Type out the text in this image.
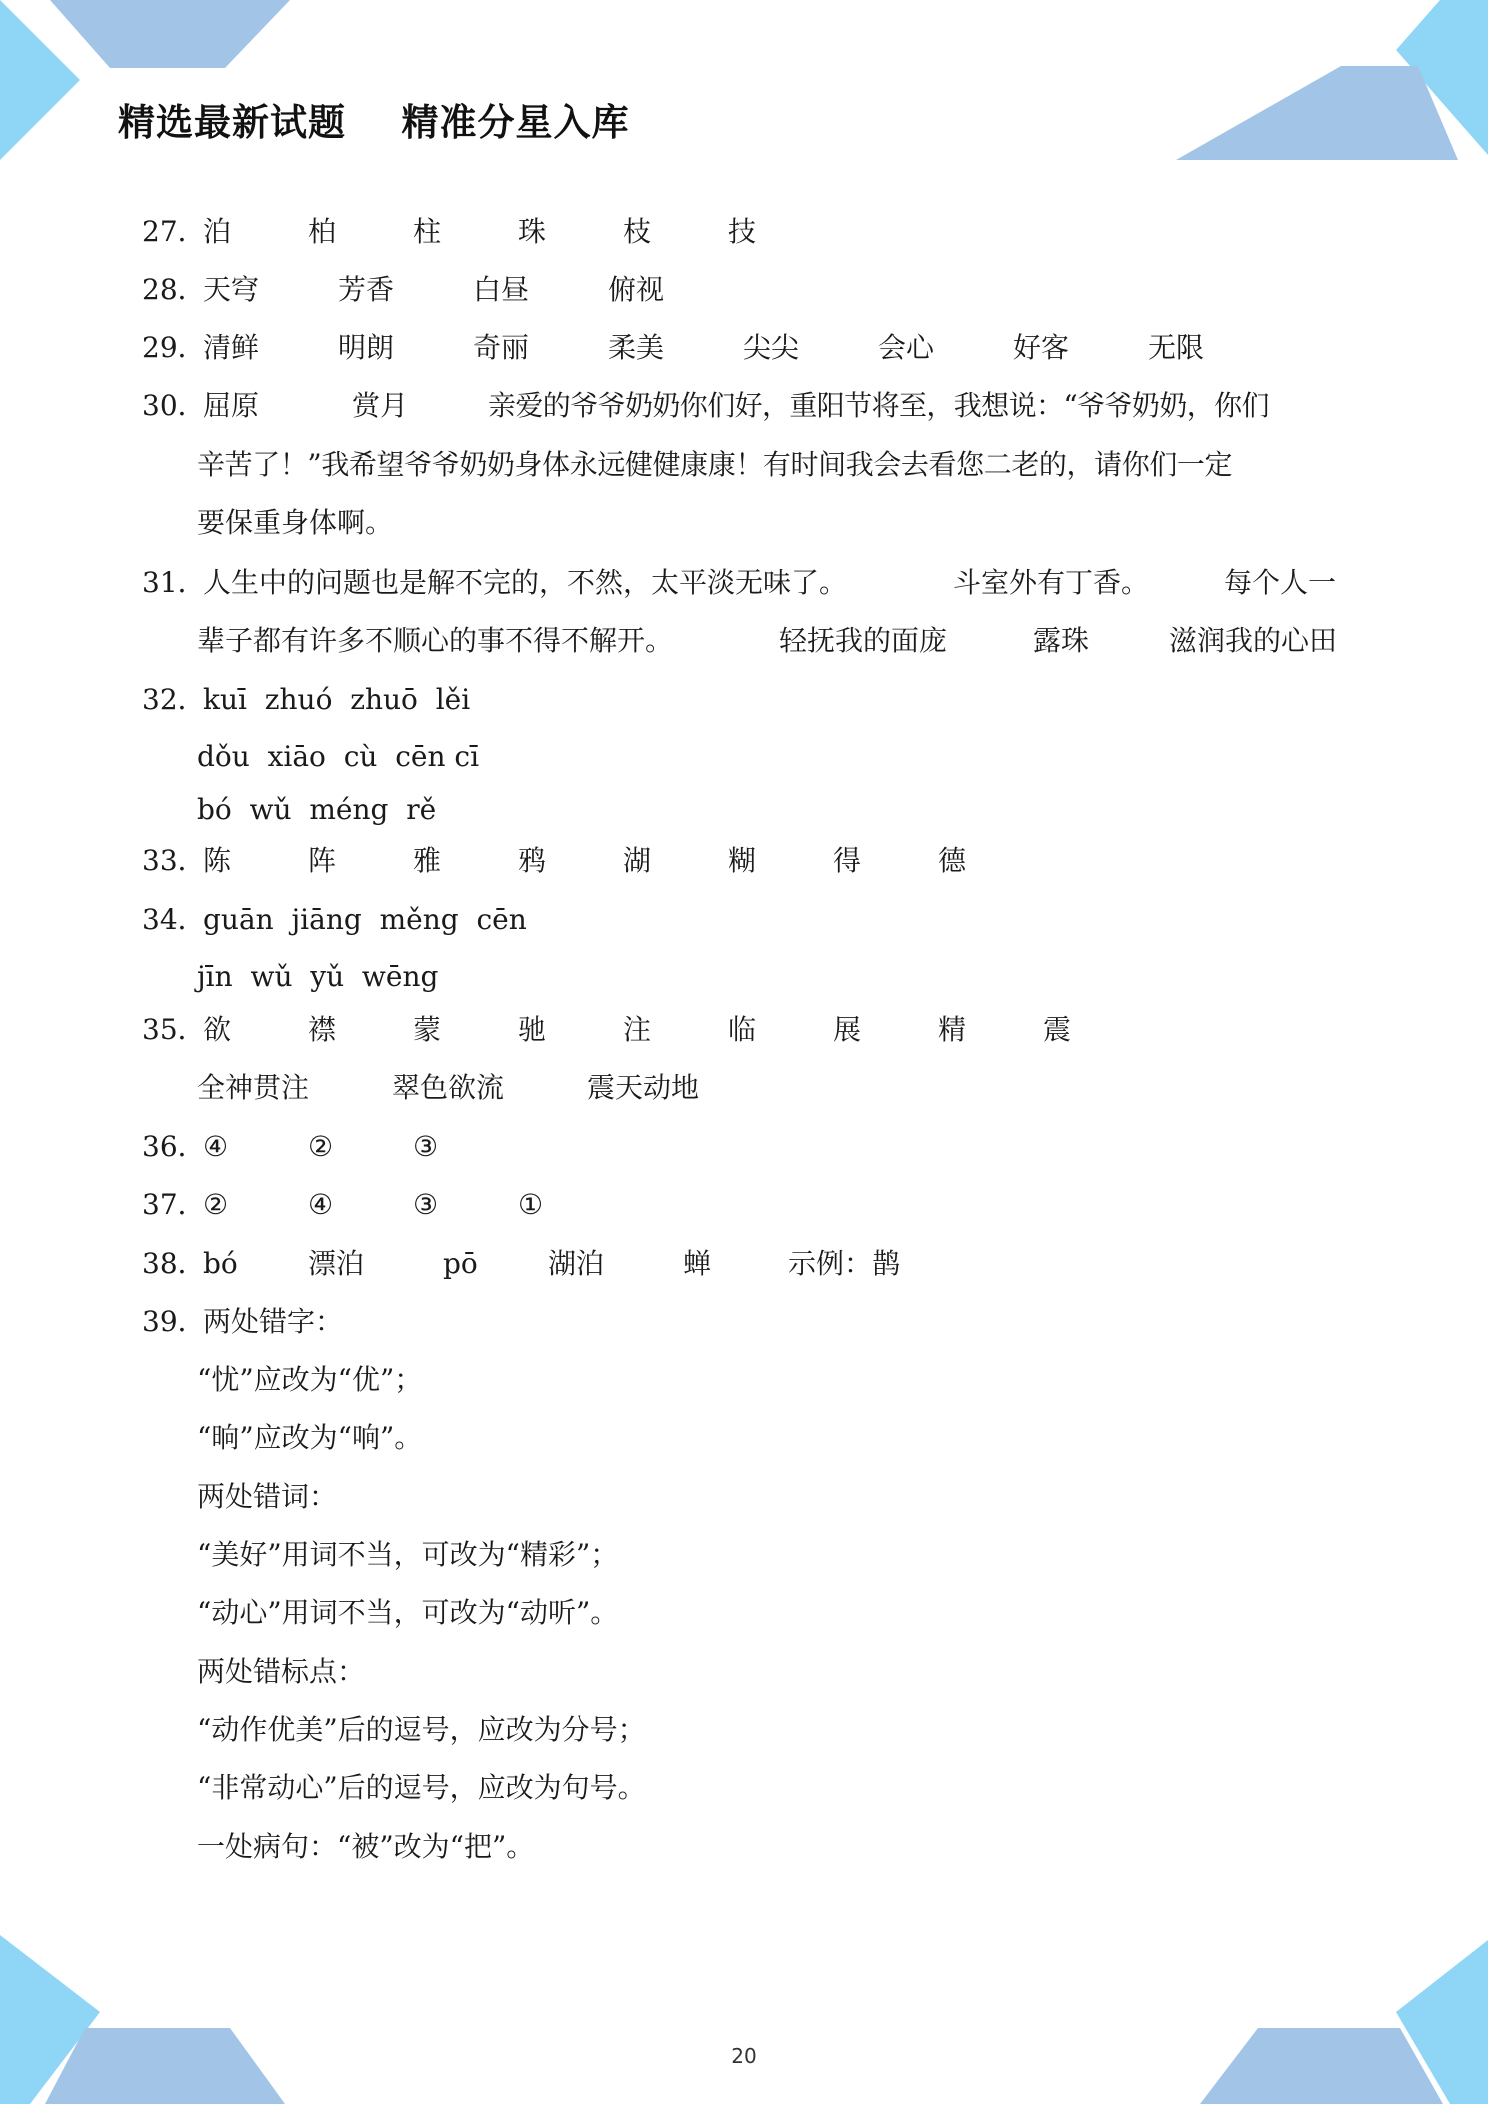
精选最新试题    精准分星入库
27．
泊	柏	柱	珠	枝	技
28．
天穹	芳香	白昼	俯视
29．
清鲜	明朗	奇丽	柔美	尖尖	会心	好客	无限
30．
屈原	赏月	亲爱的爷爷奶奶你们好，重阳节将至，我想说：“爷爷奶奶，你们
辛苦了！”我希望爷爷奶奶身体永远健健康康！有时间我会去看您二老的，请你们一定
要保重身体啊。
31．
人生中的问题也是解不完的，不然，太平淡无味了。	斗室外有丁香。	每个人一
辈子都有许多不顺心的事不得不解开。	轻抚我的面庞	露珠	滋润我的心田
32．
kuī  zhuó  zhuō  lěi
dǒu  xiāo  cù  cēn cī
bó  wǔ  méng  rě
33．
陈	阵	雅	鸦	湖	糊	得	德
34．
guān  jiāng  měng  cēn
jīn  wǔ  yǔ  wēng
35．
欲	襟	蒙	驰	注	临	展	精	震
全神贯注	翠色欲流	震天动地
36．
④	②	③
37．
②	④	③	①
38．
bó	漂泊	pō	湖泊	蝉	示例：鹊
39．
两处错字：
“忧”应改为“优”；
“晌”应改为“响”。
两处错词：
“美好”用词不当，可改为“精彩”；
“动心”用词不当，可改为“动听”。
两处错标点：
“动作优美”后的逗号，应改为分号；
“非常动心”后的逗号，应改为句号。
一处病句：“被”改为“把”。
20
